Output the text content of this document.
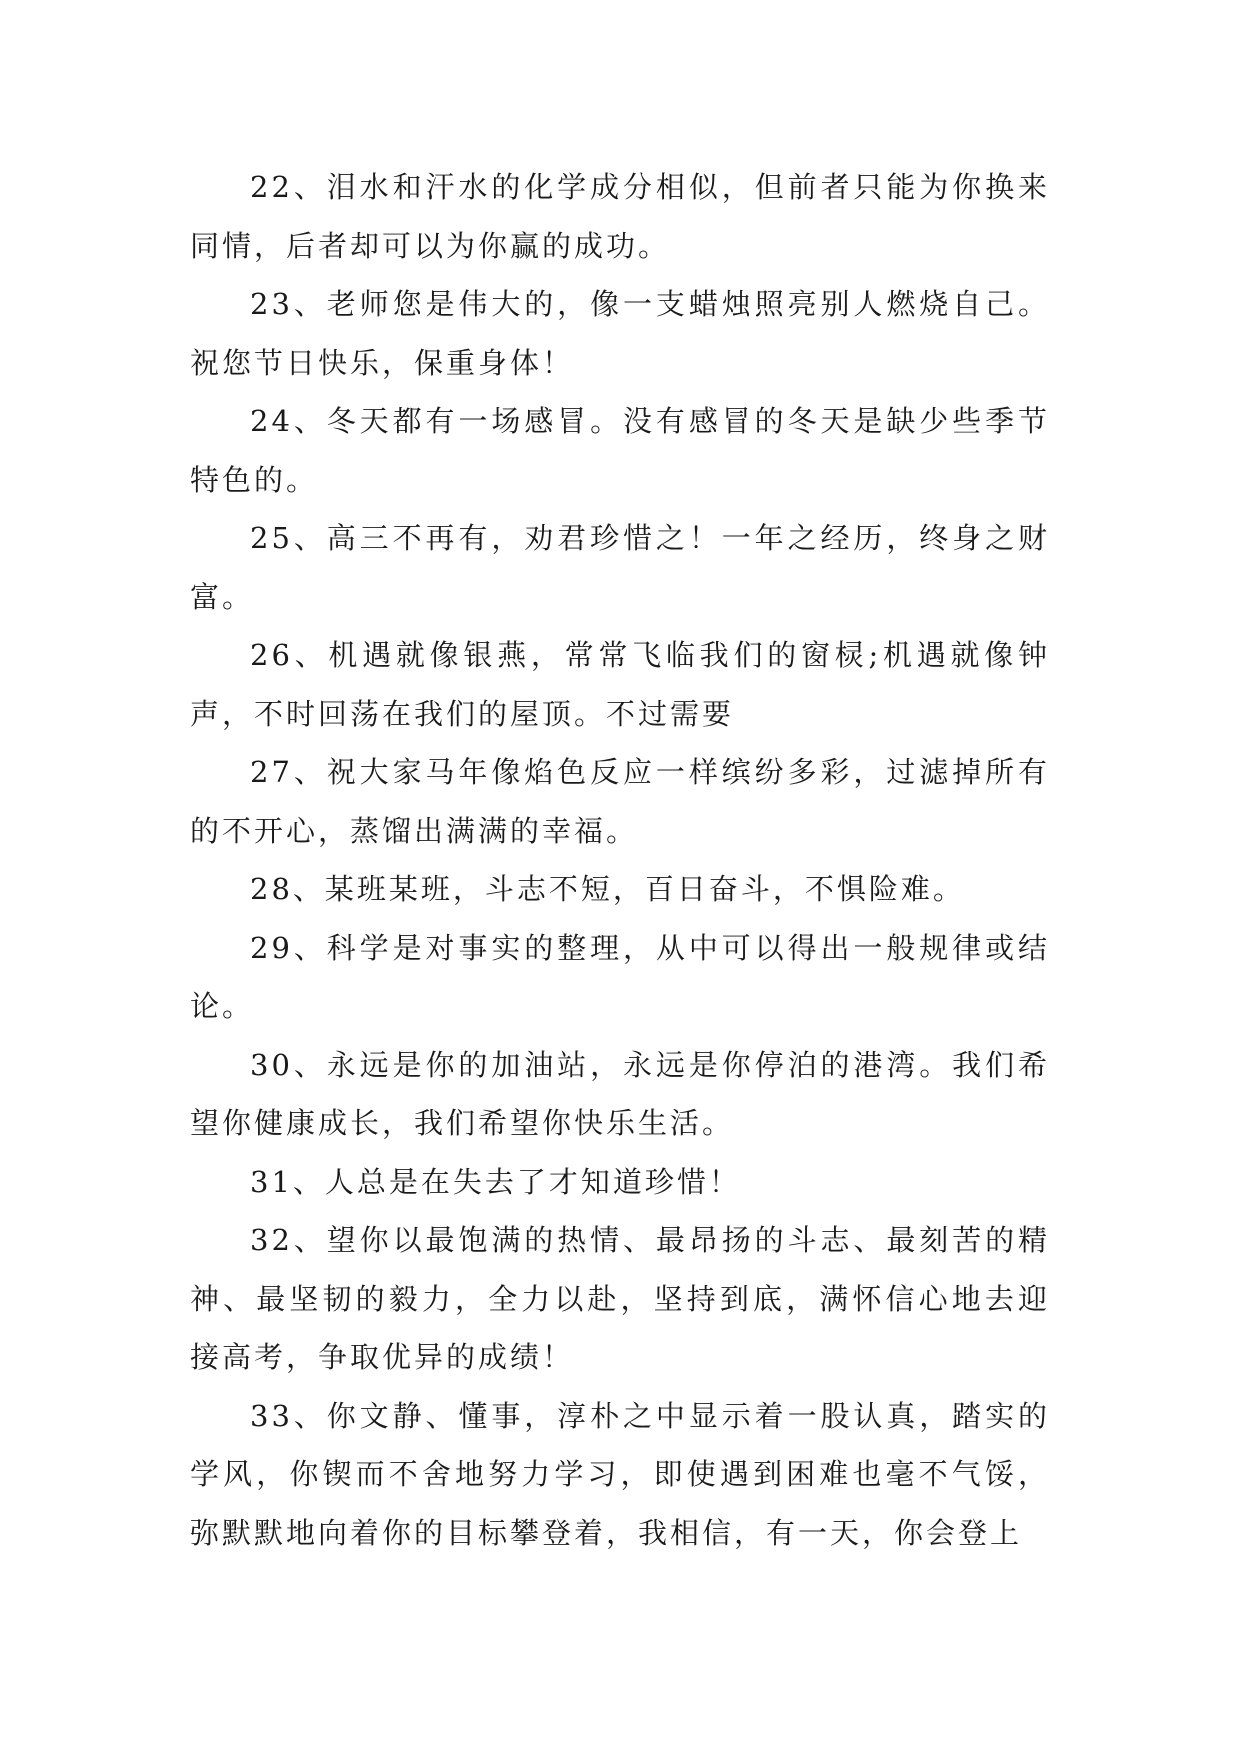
22、泪水和汗水的化学成分相似，但前者只能为你换来同情，后者却可以为你赢的成功。

23、老师您是伟大的，像一支蜡烛照亮别人燃烧自己。祝您节日快乐，保重身体！

24、冬天都有一场感冒。没有感冒的冬天是缺少些季节特色的。

25、高三不再有，劝君珍惜之！一年之经历，终身之财富。

26、机遇就像银燕，常常飞临我们的窗棂;机遇就像钟声，不时回荡在我们的屋顶。不过需要

27、祝大家马年像焰色反应一样缤纷多彩，过滤掉所有的不开心，蒸馏出满满的幸福。

28、某班某班，斗志不短，百日奋斗，不惧险难。

29、科学是对事实的整理，从中可以得出一般规律或结论。

30、永远是你的加油站，永远是你停泊的港湾。我们希望你健康成长，我们希望你快乐生活。

31、人总是在失去了才知道珍惜！

32、望你以最饱满的热情、最昂扬的斗志、最刻苦的精神、最坚韧的毅力，全力以赴，坚持到底，满怀信心地去迎接高考，争取优异的成绩！

33、你文静、懂事，淳朴之中显示着一股认真，踏实的学风，你锲而不舍地努力学习，即使遇到困难也毫不气馁，弥默默地向着你的目标攀登着，我相信，有一天，你会登上
